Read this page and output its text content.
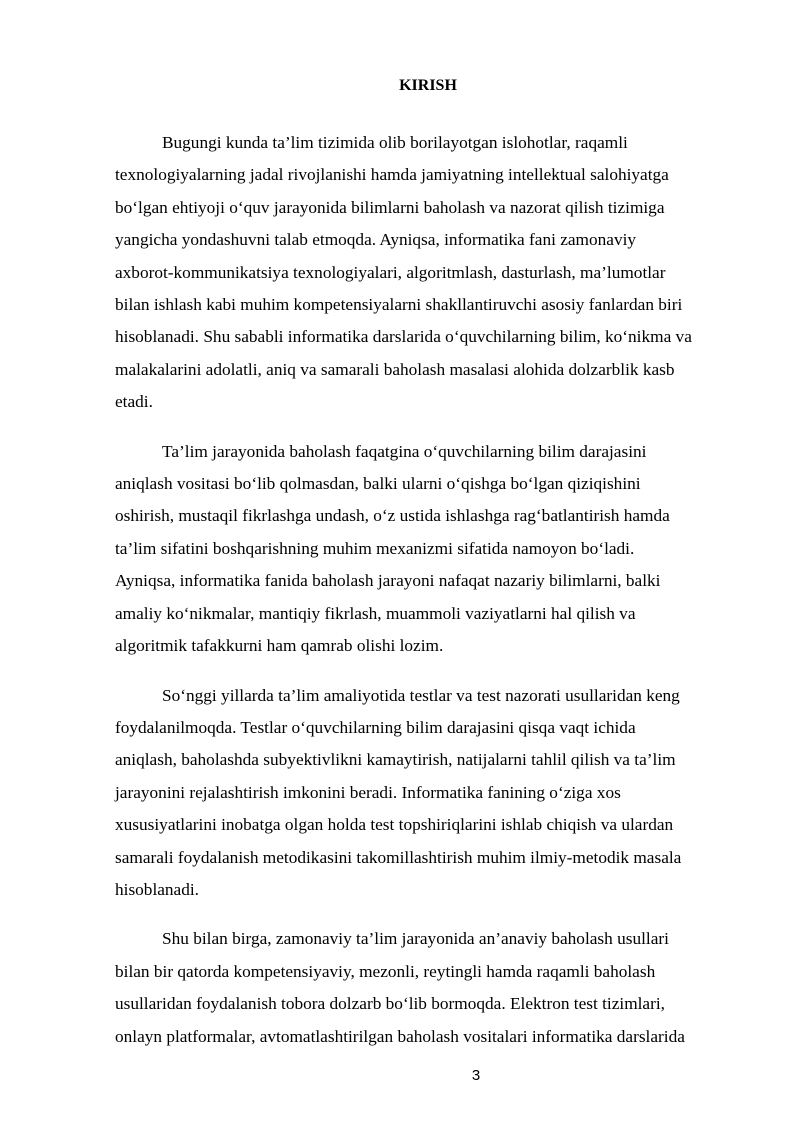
KIRISH

Bugungi kunda ta’lim tizimida olib borilayotgan islohotlar, raqamli
texnologiyalarning jadal rivojlanishi hamda jamiyatning intellektual salohiyatga
bo‘lgan ehtiyoji o‘quv jarayonida bilimlarni baholash va nazorat qilish tizimiga
yangicha yondashuvni talab etmoqda. Ayniqsa, informatika fani zamonaviy
axborot-kommunikatsiya texnologiyalari, algoritmlash, dasturlash, ma’lumotlar
bilan ishlash kabi muhim kompetensiyalarni shakllantiruvchi asosiy fanlardan biri
hisoblanadi. Shu sababli informatika darslarida o‘quvchilarning bilim, ko‘nikma va
malakalarini adolatli, aniq va samarali baholash masalasi alohida dolzarblik kasb
etadi.

Ta’lim jarayonida baholash faqatgina o‘quvchilarning bilim darajasini
aniqlash vositasi bo‘lib qolmasdan, balki ularni o‘qishga bo‘lgan qiziqishini
oshirish, mustaqil fikrlashga undash, o‘z ustida ishlashga rag‘batlantirish hamda
ta’lim sifatini boshqarishning muhim mexanizmi sifatida namoyon bo‘ladi.
Ayniqsa, informatika fanida baholash jarayoni nafaqat nazariy bilimlarni, balki
amaliy ko‘nikmalar, mantiqiy fikrlash, muammoli vaziyatlarni hal qilish va
algoritmik tafakkurni ham qamrab olishi lozim.

So‘nggi yillarda ta’lim amaliyotida testlar va test nazorati usullaridan keng
foydalanilmoqda. Testlar o‘quvchilarning bilim darajasini qisqa vaqt ichida
aniqlash, baholashda subyektivlikni kamaytirish, natijalarni tahlil qilish va ta’lim
jarayonini rejalashtirish imkonini beradi. Informatika fanining o‘ziga xos
xususiyatlarini inobatga olgan holda test topshiriqlarini ishlab chiqish va ulardan
samarali foydalanish metodikasini takomillashtirish muhim ilmiy-metodik masala
hisoblanadi.

Shu bilan birga, zamonaviy ta’lim jarayonida an’anaviy baholash usullari
bilan bir qatorda kompetensiyaviy, mezonli, reytingli hamda raqamli baholash
usullaridan foydalanish tobora dolzarb bo‘lib bormoqda. Elektron test tizimlari,
onlayn platformalar, avtomatlashtirilgan baholash vositalari informatika darslarida

3
